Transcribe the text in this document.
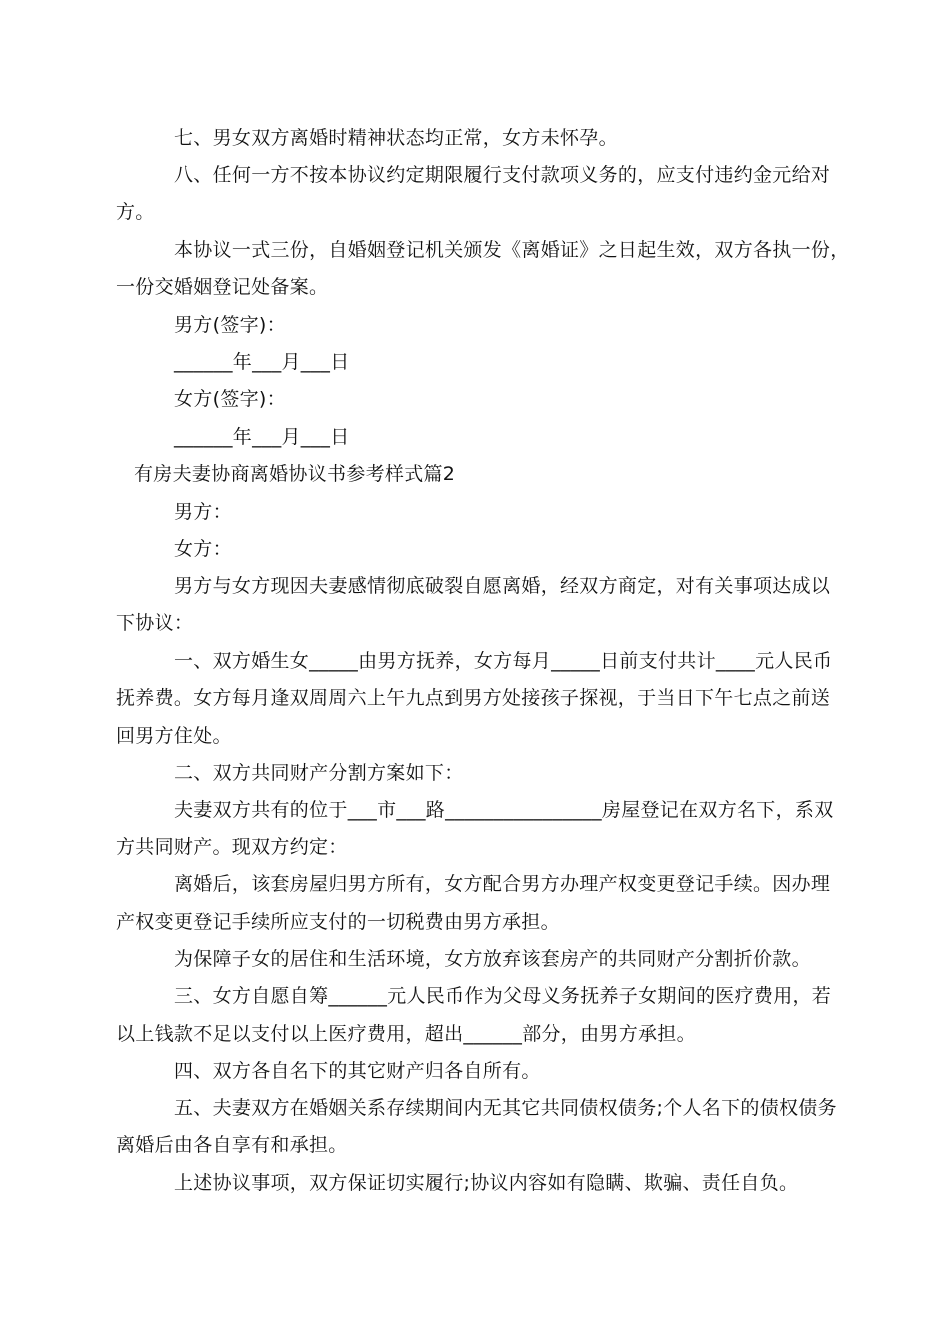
七、男女双方离婚时精神状态均正常，女方未怀孕。
八、任何一方不按本协议约定期限履行支付款项义务的，应支付违约金元给对
方。
本协议一式三份，自婚姻登记机关颁发《离婚证》之日起生效，双方各执一份，
一份交婚姻登记处备案。
男方(签字)：
______年___月___日
女方(签字)：
______年___月___日
有房夫妻协商离婚协议书参考样式篇2
男方：
女方：
男方与女方现因夫妻感情彻底破裂自愿离婚，经双方商定，对有关事项达成以
下协议：
一、双方婚生女_____由男方抚养，女方每月_____日前支付共计____元人民币
抚养费。女方每月逢双周周六上午九点到男方处接孩子探视，于当日下午七点之前送
回男方住处。
二、双方共同财产分割方案如下：
夫妻双方共有的位于___市___路________________房屋登记在双方名下，系双
方共同财产。现双方约定：
离婚后，该套房屋归男方所有，女方配合男方办理产权变更登记手续。因办理
产权变更登记手续所应支付的一切税费由男方承担。
为保障子女的居住和生活环境，女方放弃该套房产的共同财产分割折价款。
三、女方自愿自筹______元人民币作为父母义务抚养子女期间的医疗费用，若
以上钱款不足以支付以上医疗费用，超出______部分，由男方承担。
四、双方各自名下的其它财产归各自所有。
五、夫妻双方在婚姻关系存续期间内无其它共同债权债务;个人名下的债权债务
离婚后由各自享有和承担。
上述协议事项，双方保证切实履行;协议内容如有隐瞒、欺骗、责任自负。
